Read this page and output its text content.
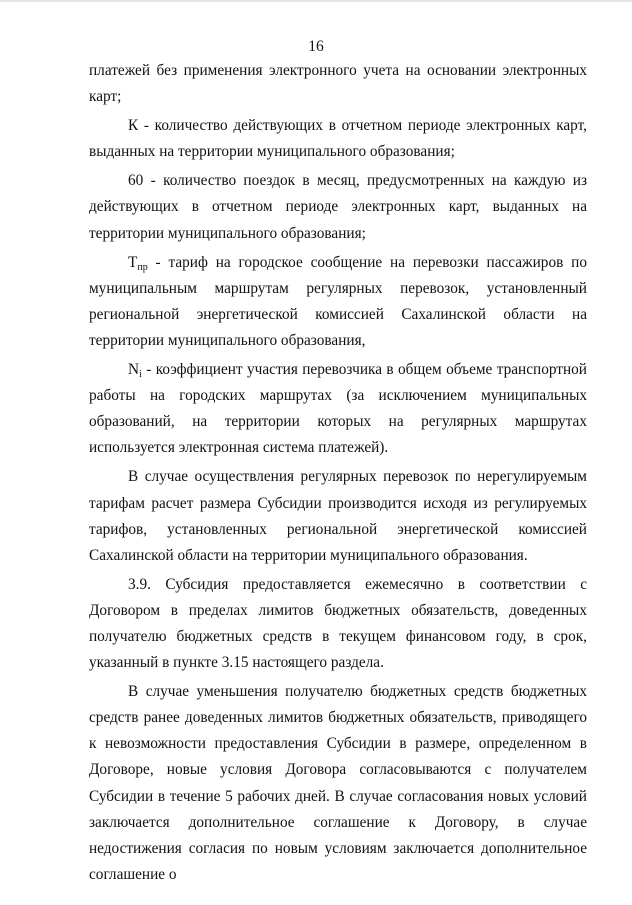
16

платежей без применения электронного учета на основании электронных карт;

К - количество действующих в отчетном периоде электронных карт, выданных на территории муниципального образования;

60 - количество поездок в месяц, предусмотренных на каждую из действующих в отчетном периоде электронных карт, выданных на территории муниципального образования;

$Т_{пр}$ - тариф на городское сообщение на перевозки пассажиров по муниципальным маршрутам регулярных перевозок, установленный региональной энергетической комиссией Сахалинской области на территории муниципального образования,

$N_i$ - коэффициент участия перевозчика в общем объеме транспортной работы на городских маршрутах (за исключением муниципальных образований, на территории которых на регулярных маршрутах используется электронная система платежей).

В случае осуществления регулярных перевозок по нерегулируемым тарифам расчет размера Субсидии производится исходя из регулируемых тарифов, установленных региональной энергетической комиссией Сахалинской области на территории муниципального образования.

3.9. Субсидия предоставляется ежемесячно в соответствии с Договором в пределах лимитов бюджетных обязательств, доведенных получателю бюджетных средств в текущем финансовом году, в срок, указанный в пункте 3.15 настоящего раздела.

В случае уменьшения получателю бюджетных средств бюджетных средств ранее доведенных лимитов бюджетных обязательств, приводящего к невозможности предоставления Субсидии в размере, определенном в Договоре, новые условия Договора согласовываются с получателем Субсидии в течение 5 рабочих дней. В случае согласования новых условий заключается дополнительное соглашение к Договору, в случае недостижения согласия по новым условиям заключается дополнительное соглашение о
